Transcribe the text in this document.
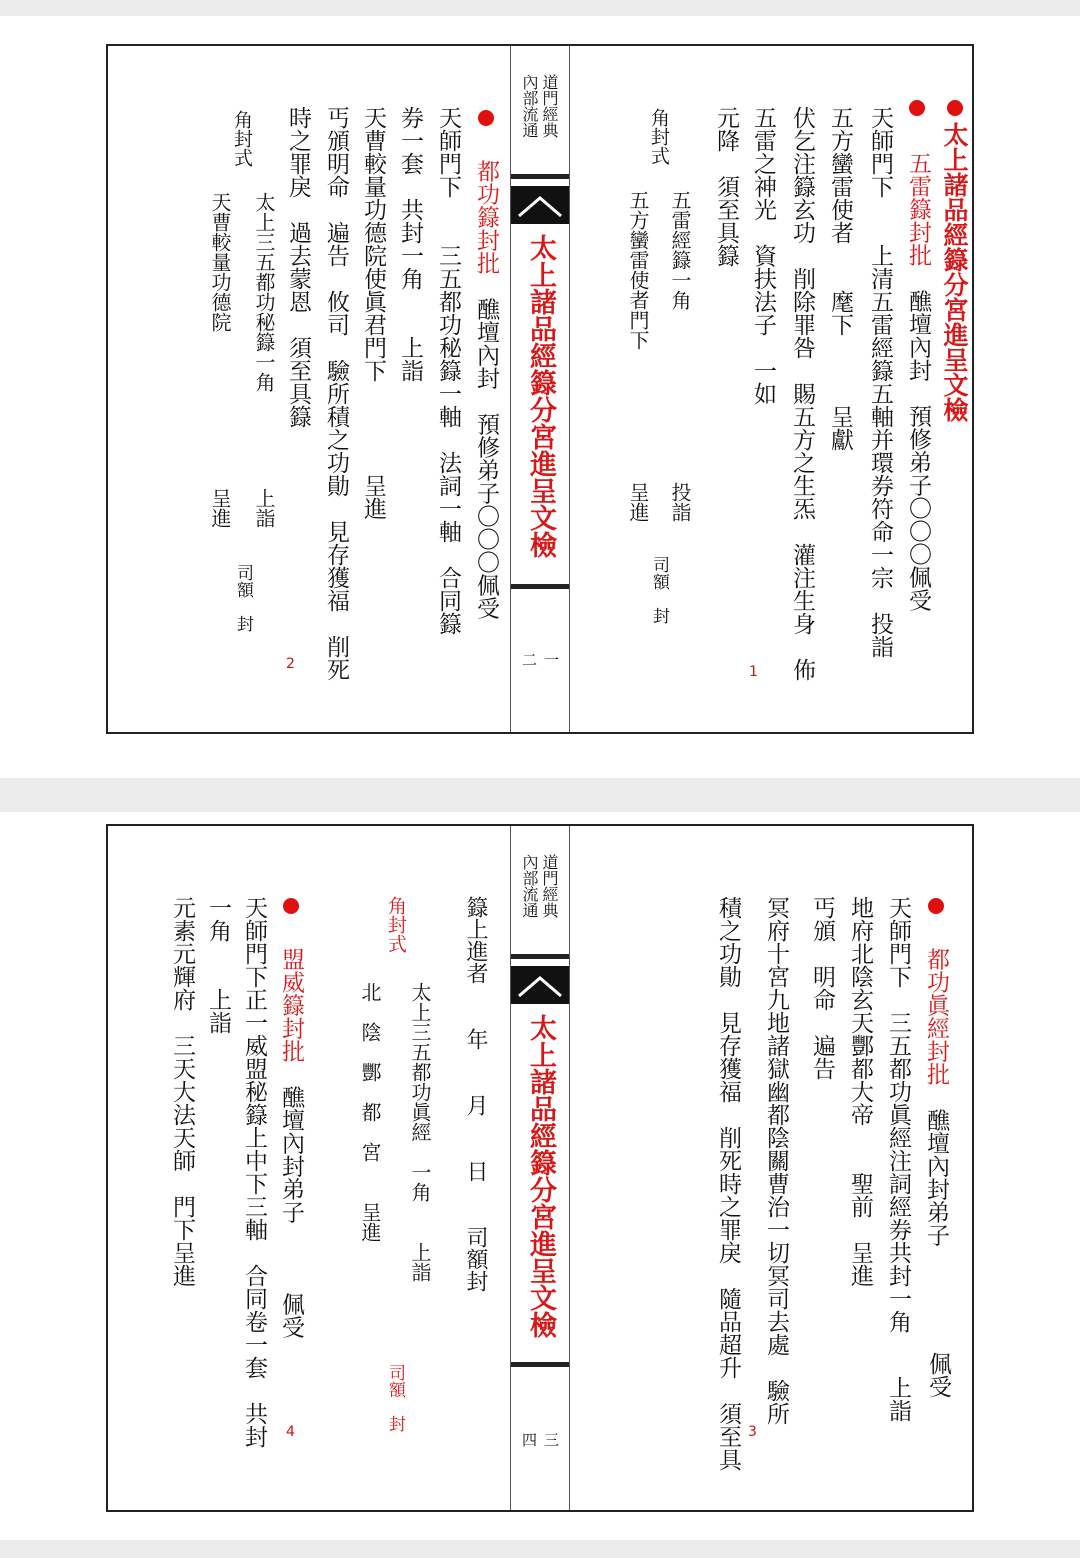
道門經典
內部流通
太上諸品經籙分宮進呈文檢
一
二
太上諸品經籙分宮進呈文檢

五雷籙封批　醮壇內封　預修弟子〇〇〇佩受
天師門下　　上清五雷經籙五軸并環券符命一宗　投詣
五方蠻雷使者　　麾下　　　呈獻
伏乞注籙玄功　削除罪咎　賜五方之生炁　灌注生身　佈
五雷之神光　資扶法子　一如
元降　須至具籙
角封式
五雷經籙一角
五方蠻雷使者門下
投詣
呈進
司額　封
1

都功籙封批　醮壇內封　預修弟子〇〇〇佩受
天師門下　　三五都功秘籙一軸　法詞一軸　合同籙
券一套　共封一角　　上詣
天曹較量功德院使眞君門下　　　　呈進
丐頒明命　遍告　攸司　驗所積之功勛　見存獲福　削死
時之罪戾　過去蒙恩　須至具籙
角封式
太上三五都功秘籙一角
天曹較量功德院
上詣
呈進
司額　封
2
道門經典
內部流通
太上諸品經籙分宮進呈文檢
三
四

都功眞經封批　醮壇內封弟子
佩受
天師門下　三五都功眞經注詞經券共封一角
上詣
地府北陰玄天酆都大帝　　聖前　呈進
丐頒　明命　遍告
冥府十宮九地諸獄幽都陰關曹治一切冥司去處　驗所
積之功勛　見存獲福　削死時之罪戾　隨品超升　須至具 3
籙上進者　　年　　月　　日　　司額封
角封式
太上三五都功眞經　一角　　上詣
北　陰　酆　都　宮　　呈進
司額　封

盟威籙封批　醮壇內封弟子　　　佩受
天師門下正一威盟秘籙上中下三軸　合同卷一套　共封
一角　　上詣
元素元輝府　三天大法天師　門下呈進
4
